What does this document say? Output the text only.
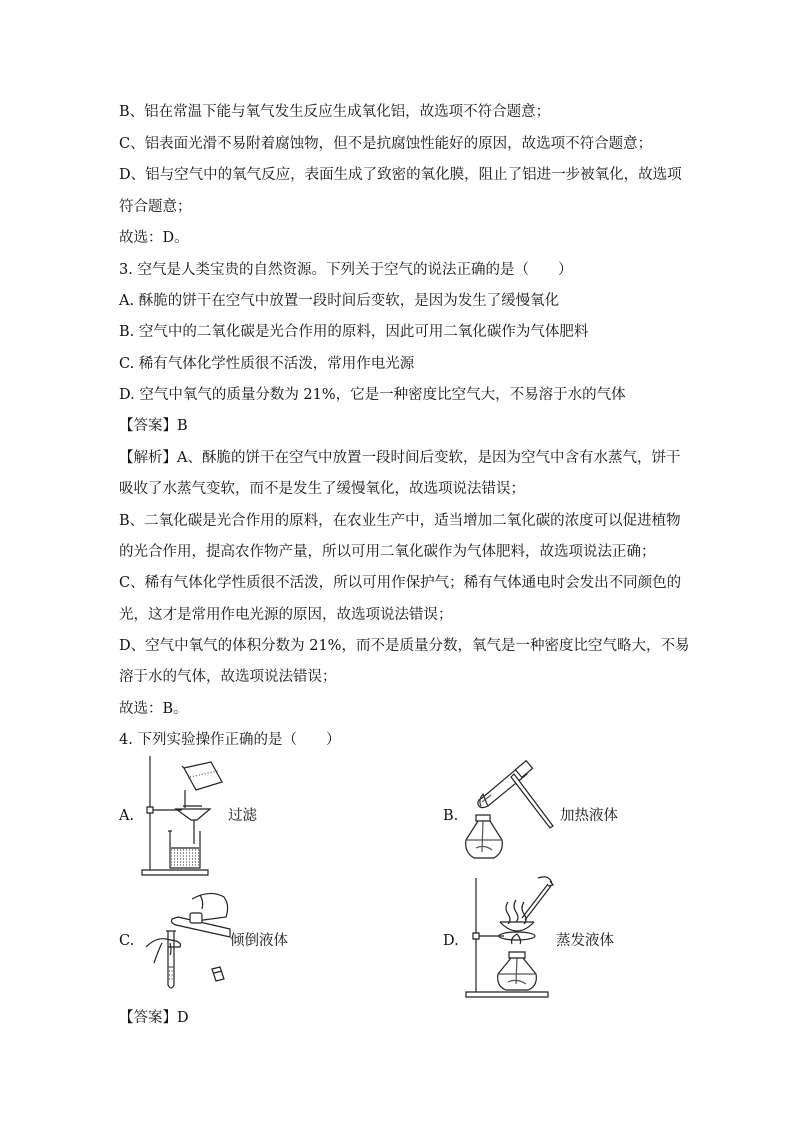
B、铝在常温下能与氧气发生反应生成氧化铝，故选项不符合题意；
C、铝表面光滑不易附着腐蚀物，但不是抗腐蚀性能好的原因，故选项不符合题意；
D、铝与空气中的氧气反应，表面生成了致密的氧化膜，阻止了铝进一步被氧化，故选项
符合题意；
故选：D。
3. 空气是人类宝贵的自然资源。下列关于空气的说法正确的是（　　）
A. 酥脆的饼干在空气中放置一段时间后变软，是因为发生了缓慢氧化
B. 空气中的二氧化碳是光合作用的原料，因此可用二氧化碳作为气体肥料
C. 稀有气体化学性质很不活泼，常用作电光源
D. 空气中氧气的质量分数为 21%，它是一种密度比空气大，不易溶于水的气体
【答案】B
【解析】A、酥脆的饼干在空气中放置一段时间后变软，是因为空气中含有水蒸气，饼干
吸收了水蒸气变软，而不是发生了缓慢氧化，故选项说法错误；
B、二氧化碳是光合作用的原料，在农业生产中，适当增加二氧化碳的浓度可以促进植物
的光合作用，提高农作物产量，所以可用二氧化碳作为气体肥料，故选项说法正确；
C、稀有气体化学性质很不活泼，所以可用作保护气；稀有气体通电时会发出不同颜色的
光，这才是常用作电光源的原因，故选项说法错误；
D、空气中氧气的体积分数为 21%，而不是质量分数，氧气是一种密度比空气略大，不易
溶于水的气体，故选项说法错误；
故选：B。
4. 下列实验操作正确的是（　　）
A.	过滤	B.	加热液体
C.	倾倒液体	D.	蒸发液体
【答案】D
